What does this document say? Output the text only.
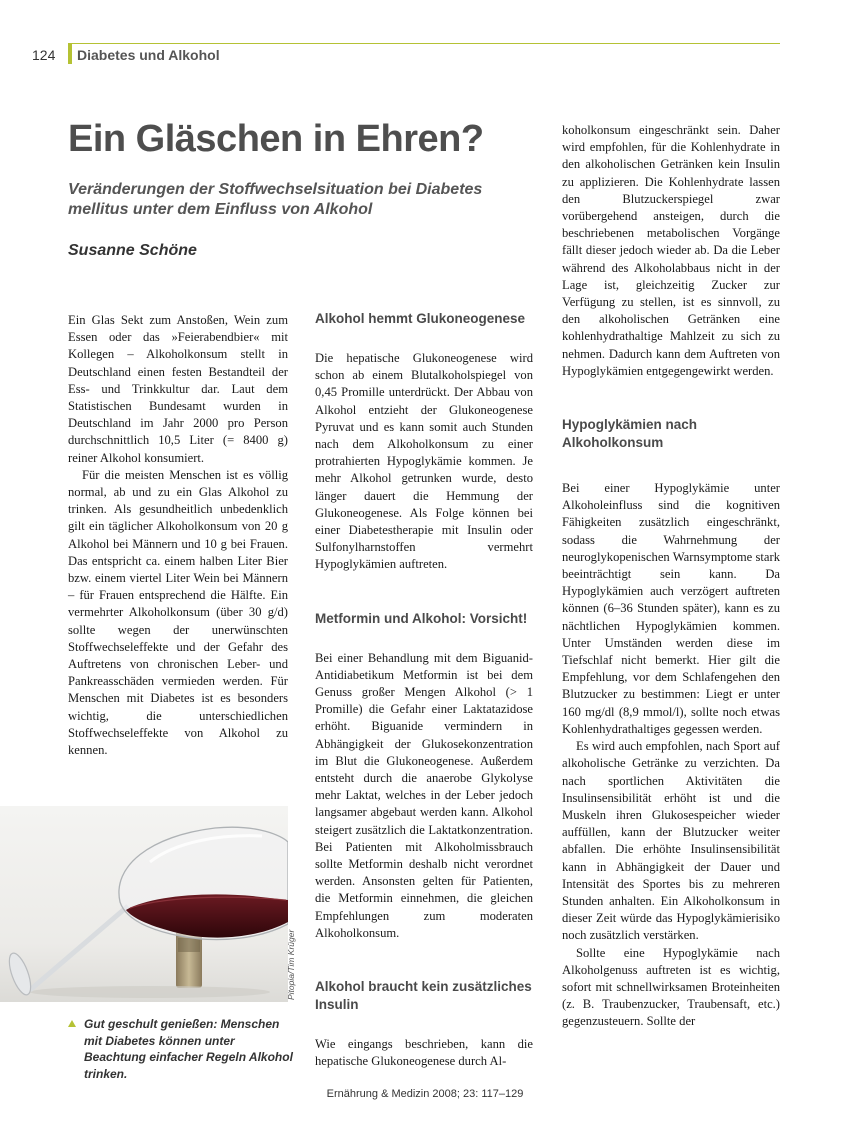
124 Diabetes und Alkohol
Ein Gläschen in Ehren?

Veränderungen der Stoffwechselsituation bei Diabetes mellitus unter dem Einfluss von Alkohol

Susanne Schöne

Ein Glas Sekt zum Anstoßen, Wein zum Essen oder das »Feierabendbier« mit Kollegen – Alkoholkonsum stellt in Deutschland einen festen Bestandteil der Ess- und Trinkkultur dar. Laut dem Statistischen Bundesamt wurden in Deutschland im Jahr 2000 pro Person durchschnittlich 10,5 Liter (= 8400 g) reiner Alkohol konsumiert.

Für die meisten Menschen ist es völlig normal, ab und zu ein Glas Alkohol zu trinken. Als gesundheitlich unbedenklich gilt ein täglicher Alkoholkonsum von 20 g Alkohol bei Männern und 10 g bei Frauen. Das entspricht ca. einem halben Liter Bier bzw. einem viertel Liter Wein bei Männern – für Frauen entsprechend die Hälfte. Ein vermehrter Alkoholkonsum (über 30 g/d) sollte wegen der unerwünschten Stoffwechseleffekte und der Gefahr des Auftretens von chronischen Leber- und Pankreasschäden vermieden werden. Für Menschen mit Diabetes ist es besonders wichtig, die unterschiedlichen Stoffwechseleffekte von Alkohol zu kennen.

Alkohol hemmt Glukoneogenese

Die hepatische Glukoneogenese wird schon ab einem Blutalkoholspiegel von 0,45 Promille unterdrückt. Der Abbau von Alkohol entzieht der Glukoneogenese Pyruvat und es kann somit auch Stunden nach dem Alkoholkonsum zu einer protrahierten Hypoglykämie kommen. Je mehr Alkohol getrunken wurde, desto länger dauert die Hemmung der Glukoneogenese. Als Folge können bei einer Diabetestherapie mit Insulin oder Sulfonylharnstoffen vermehrt Hypoglykämien auftreten.

Metformin und Alkohol: Vorsicht!

Bei einer Behandlung mit dem Biguanid-Antidiabetikum Metformin ist bei dem Genuss großer Mengen Alkohol (> 1 Promille) die Gefahr einer Laktatazidose erhöht. Biguanide vermindern in Abhängigkeit der Glukosekonzentration im Blut die Glukoneogenese. Außerdem entsteht durch die anaerobe Glykolyse mehr Laktat, welches in der Leber jedoch langsamer abgebaut werden kann. Alkohol steigert zusätzlich die Laktatkonzentration. Bei Patienten mit Alkoholmissbrauch sollte Metformin deshalb nicht verordnet werden. Ansonsten gelten für Patienten, die Metformin einnehmen, die gleichen Empfehlungen zum moderaten Alkoholkonsum.

Alkohol braucht kein zusätzliches Insulin

Wie eingangs beschrieben, kann die hepatische Glukoneogenese durch Al-

koholkonsum eingeschränkt sein. Daher wird empfohlen, für die Kohlenhydrate in den alkoholischen Getränken kein Insulin zu applizieren. Die Kohlenhydrate lassen den Blutzuckerspiegel zwar vorübergehend ansteigen, durch die beschriebenen metabolischen Vorgänge fällt dieser jedoch wieder ab. Da die Leber während des Alkoholabbaus nicht in der Lage ist, gleichzeitig Zucker zur Verfügung zu stellen, ist es sinnvoll, zu den alkoholischen Getränken eine kohlenhydrathaltige Mahlzeit zu sich zu nehmen. Dadurch kann dem Auftreten von Hypoglykämien entgegengewirkt werden.

Hypoglykämien nach Alkoholkonsum

Bei einer Hypoglykämie unter Alkoholeinfluss sind die kognitiven Fähigkeiten zusätzlich eingeschränkt, sodass die Wahrnehmung der neuroglykopenischen Warnsymptome stark beeinträchtigt sein kann. Da Hypoglykämien auch verzögert auftreten können (6–36 Stunden später), kann es zu nächtlichen Hypoglykämien kommen. Unter Umständen werden diese im Tiefschlaf nicht bemerkt. Hier gilt die Empfehlung, vor dem Schlafengehen den Blutzucker zu bestimmen: Liegt er unter 160 mg/dl (8,9 mmol/l), sollte noch etwas Kohlenhydrathaltiges gegessen werden.

Es wird auch empfohlen, nach Sport auf alkoholische Getränke zu verzichten. Da nach sportlichen Aktivitäten die Insulinsensibilität erhöht ist und die Muskeln ihren Glukosespeicher wieder auffüllen, kann der Blutzucker weiter abfallen. Die erhöhte Insulinsensibilität kann in Abhängigkeit der Dauer und Intensität des Sportes bis zu mehreren Stunden anhalten. Ein Alkoholkonsum in dieser Zeit würde das Hypoglykämierisiko noch zusätzlich verstärken.

Sollte eine Hypoglykämie nach Alkoholgenuss auftreten ist es wichtig, sofort mit schnellwirksamen Broteinheiten (z. B. Traubenzucker, Traubensaft, etc.) gegenzusteuern. Sollte der

Pitopia/Tim Krüger

Gut geschult genießen: Menschen mit Diabetes können unter Beachtung einfacher Regeln Alkohol trinken.

Ernährung & Medizin 2008; 23: 117–129
